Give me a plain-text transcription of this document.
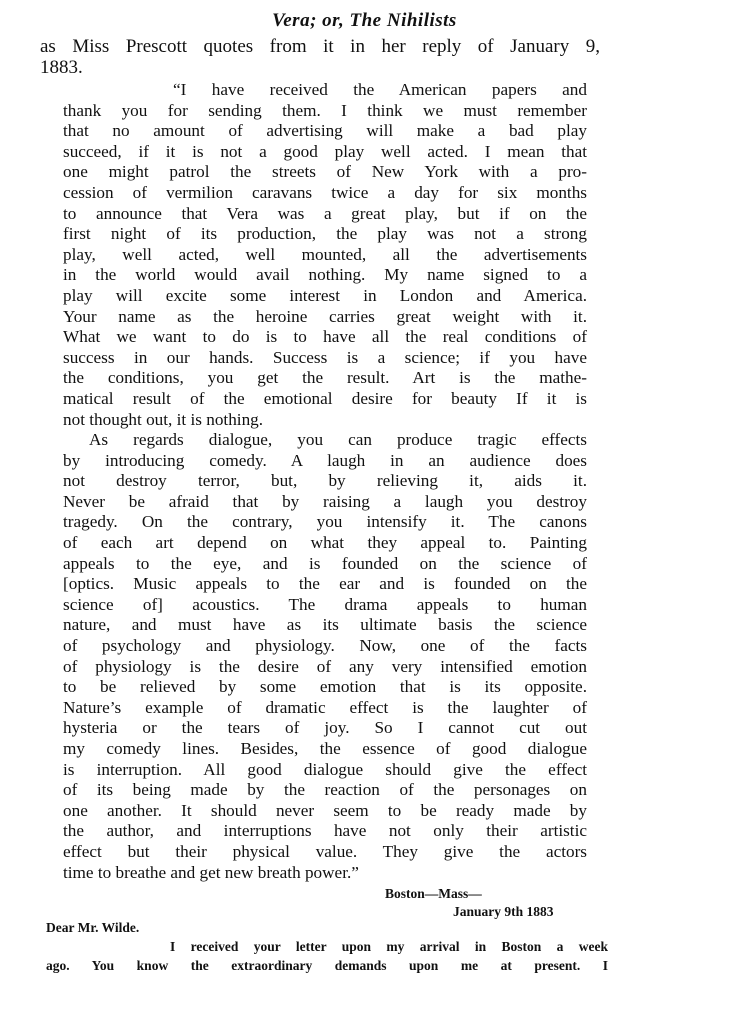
Vera; or, The Nihilists
as Miss Prescott quotes from it in her reply of January 9,
1883.
“I have received the American papers and
thank you for sending them. I think we must remember
that no amount of advertising will make a bad play
succeed, if it is not a good play well acted. I mean that
one might patrol the streets of New York with a pro-
cession of vermilion caravans twice a day for six months
to announce that Vera was a great play, but if on the
first night of its production, the play was not a strong
play, well acted, well mounted, all the advertisements
in the world would avail nothing. My name signed to a
play will excite some interest in London and America.
Your name as the heroine carries great weight with it.
What we want to do is to have all the real conditions of
success in our hands. Success is a science; if you have
the conditions, you get the result. Art is the mathe-
matical result of the emotional desire for beauty If it is
not thought out, it is nothing.
As regards dialogue, you can produce tragic effects
by introducing comedy. A laugh in an audience does
not destroy terror, but, by relieving it, aids it.
Never be afraid that by raising a laugh you destroy
tragedy. On the contrary, you intensify it. The canons
of each art depend on what they appeal to. Painting
appeals to the eye, and is founded on the science of
[optics. Music appeals to the ear and is founded on the
science of] acoustics. The drama appeals to human
nature, and must have as its ultimate basis the science
of psychology and physiology. Now, one of the facts
of physiology is the desire of any very intensified emotion
to be relieved by some emotion that is its opposite.
Nature’s example of dramatic effect is the laughter of
hysteria or the tears of joy. So I cannot cut out
my comedy lines. Besides, the essence of good dialogue
is interruption. All good dialogue should give the effect
of its being made by the reaction of the personages on
one another. It should never seem to be ready made by
the author, and interruptions have not only their artistic
effect but their physical value. They give the actors
time to breathe and get new breath power.”
Boston—Mass—
January 9th 1883
Dear Mr. Wilde.
I received your letter upon my arrival in Boston a week
ago. You know the extraordinary demands upon me at present. I
